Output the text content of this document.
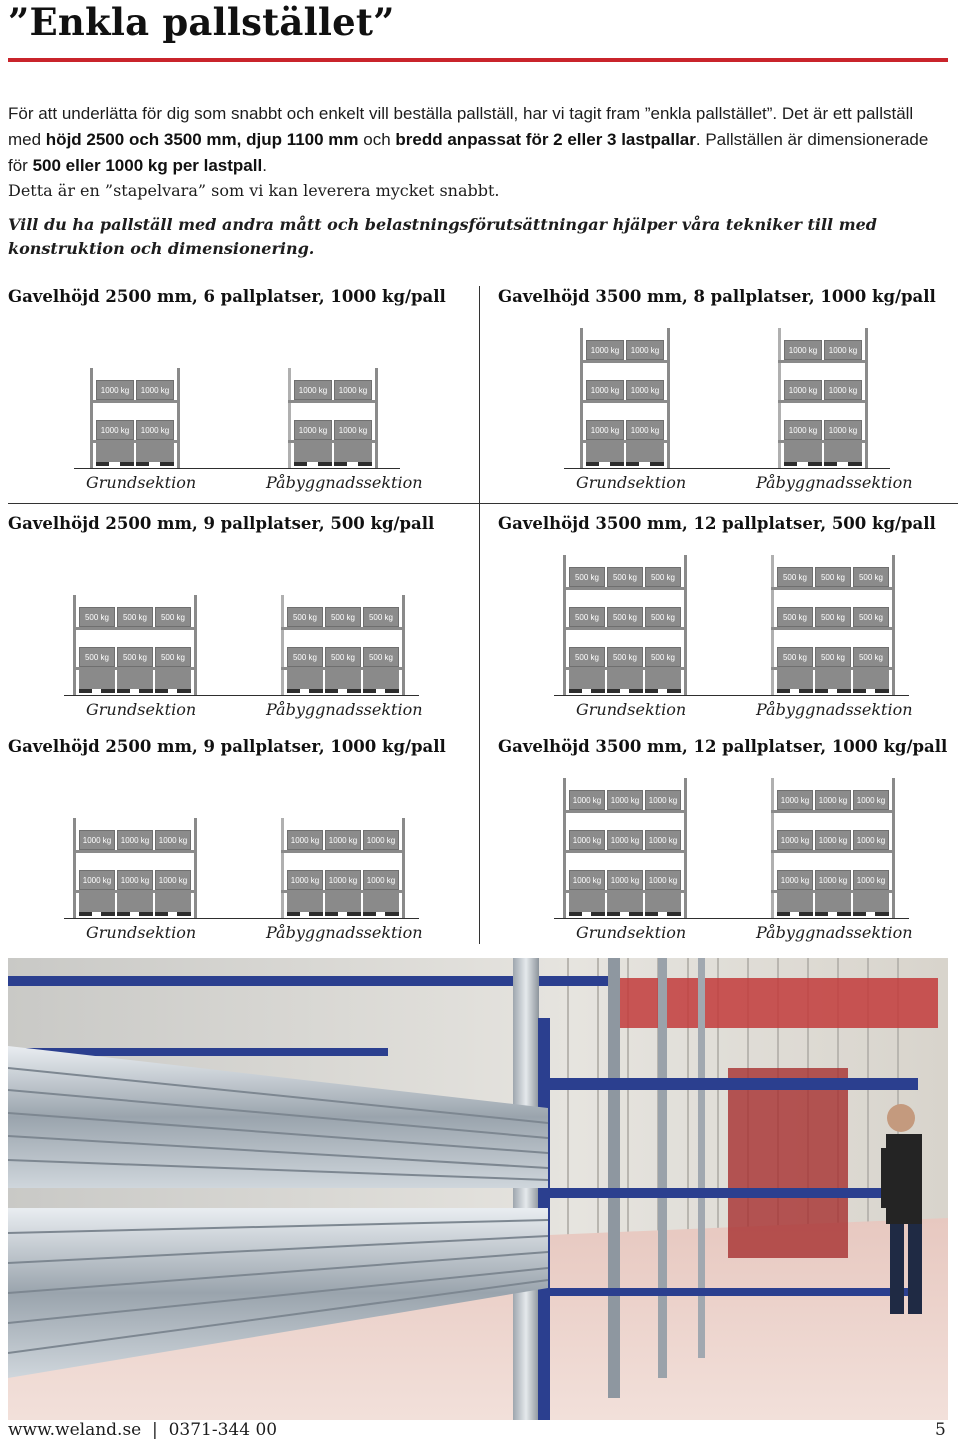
”Enkla pallstället”

För att underlätta för dig som snabbt och enkelt vill beställa pallställ, har vi tagit fram ”enkla pallstället”. Det är ett pallställ med höjd 2500 och 3500 mm, djup 1100 mm och bredd anpassat för 2 eller 3 lastpallar. Pallställen är dimensionerade för 500 eller 1000 kg per lastpall.

Detta är en ”stapelvara” som vi kan leverera mycket snabbt.

Vill du ha pallställ med andra mått och belastningsförutsättningar hjälper våra tekniker till med konstruktion och dimensionering.

Gavelhöjd 2500 mm, 6 pallplatser, 1000 kg/pall	Gavelhöjd 3500 mm, 8 pallplatser, 1000 kg/pall
Gavelhöjd 2500 mm, 9 pallplatser, 500 kg/pall	Gavelhöjd 3500 mm, 12 pallplatser, 500 kg/pall
Gavelhöjd 2500 mm, 9 pallplatser, 1000 kg/pall	Gavelhöjd 3500 mm, 12 pallplatser, 1000 kg/pall
1000 kg 1000 kg
1000 kg 1000 kg
Grundsektion
1000 kg 1000 kg
1000 kg 1000 kg
Påbyggnadssektion
1000 kg 1000 kg
1000 kg 1000 kg
1000 kg 1000 kg
Grundsektion
1000 kg 1000 kg
1000 kg 1000 kg
1000 kg 1000 kg
Påbyggnadssektion
500 kg 500 kg 500 kg
500 kg 500 kg 500 kg
Grundsektion
500 kg 500 kg 500 kg
500 kg 500 kg 500 kg
Påbyggnadssektion
500 kg 500 kg 500 kg
500 kg 500 kg 500 kg
500 kg 500 kg 500 kg
Grundsektion
500 kg 500 kg 500 kg
500 kg 500 kg 500 kg
500 kg 500 kg 500 kg
Påbyggnadssektion
1000 kg 1000 kg 1000 kg
1000 kg 1000 kg 1000 kg
Grundsektion
1000 kg 1000 kg 1000 kg
1000 kg 1000 kg 1000 kg
Påbyggnadssektion
1000 kg 1000 kg 1000 kg
1000 kg 1000 kg 1000 kg
1000 kg 1000 kg 1000 kg
Grundsektion
1000 kg 1000 kg 1000 kg
1000 kg 1000 kg 1000 kg
1000 kg 1000 kg 1000 kg
Påbyggnadssektion
www.weland.se  |  0371-344 00	5
